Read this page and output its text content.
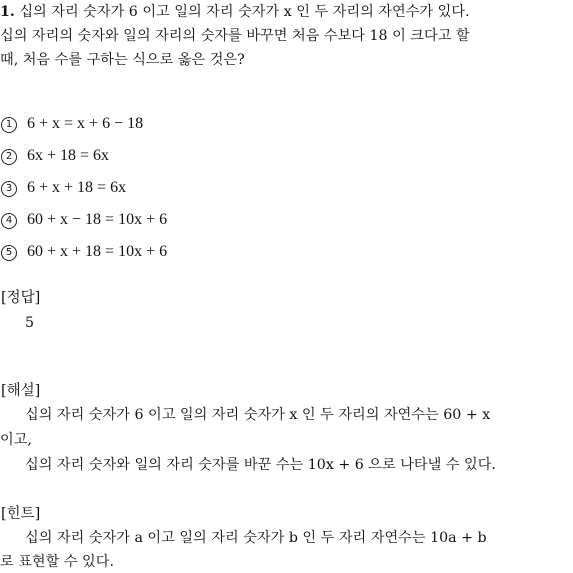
1. 십의 자리 숫자가 6 이고 일의 자리 숫자가 x 인 두 자리의 자연수가 있다.
십의 자리의 숫자와 일의 자리의 숫자를 바꾸면 처음 수보다 18 이 크다고 할
때, 처음 수를 구하는 식으로 옳은 것은?
1 6 + x = x + 6 − 18
2 6x + 18 = 6x
3 6 + x + 18 = 6x
4 60 + x − 18 = 10x + 6
5 60 + x + 18 = 10x + 6
[정답]
5
[해설]
십의 자리 숫자가 6 이고 일의 자리 숫자가 x 인 두 자리의 자연수는 60 + x
이고,
십의 자리 숫자와 일의 자리 숫자를 바꾼 수는 10x + 6 으로 나타낼 수 있다.
[힌트]
십의 자리 숫자가 a 이고 일의 자리 숫자가 b 인 두 자리 자연수는 10a + b
로 표현할 수 있다.
